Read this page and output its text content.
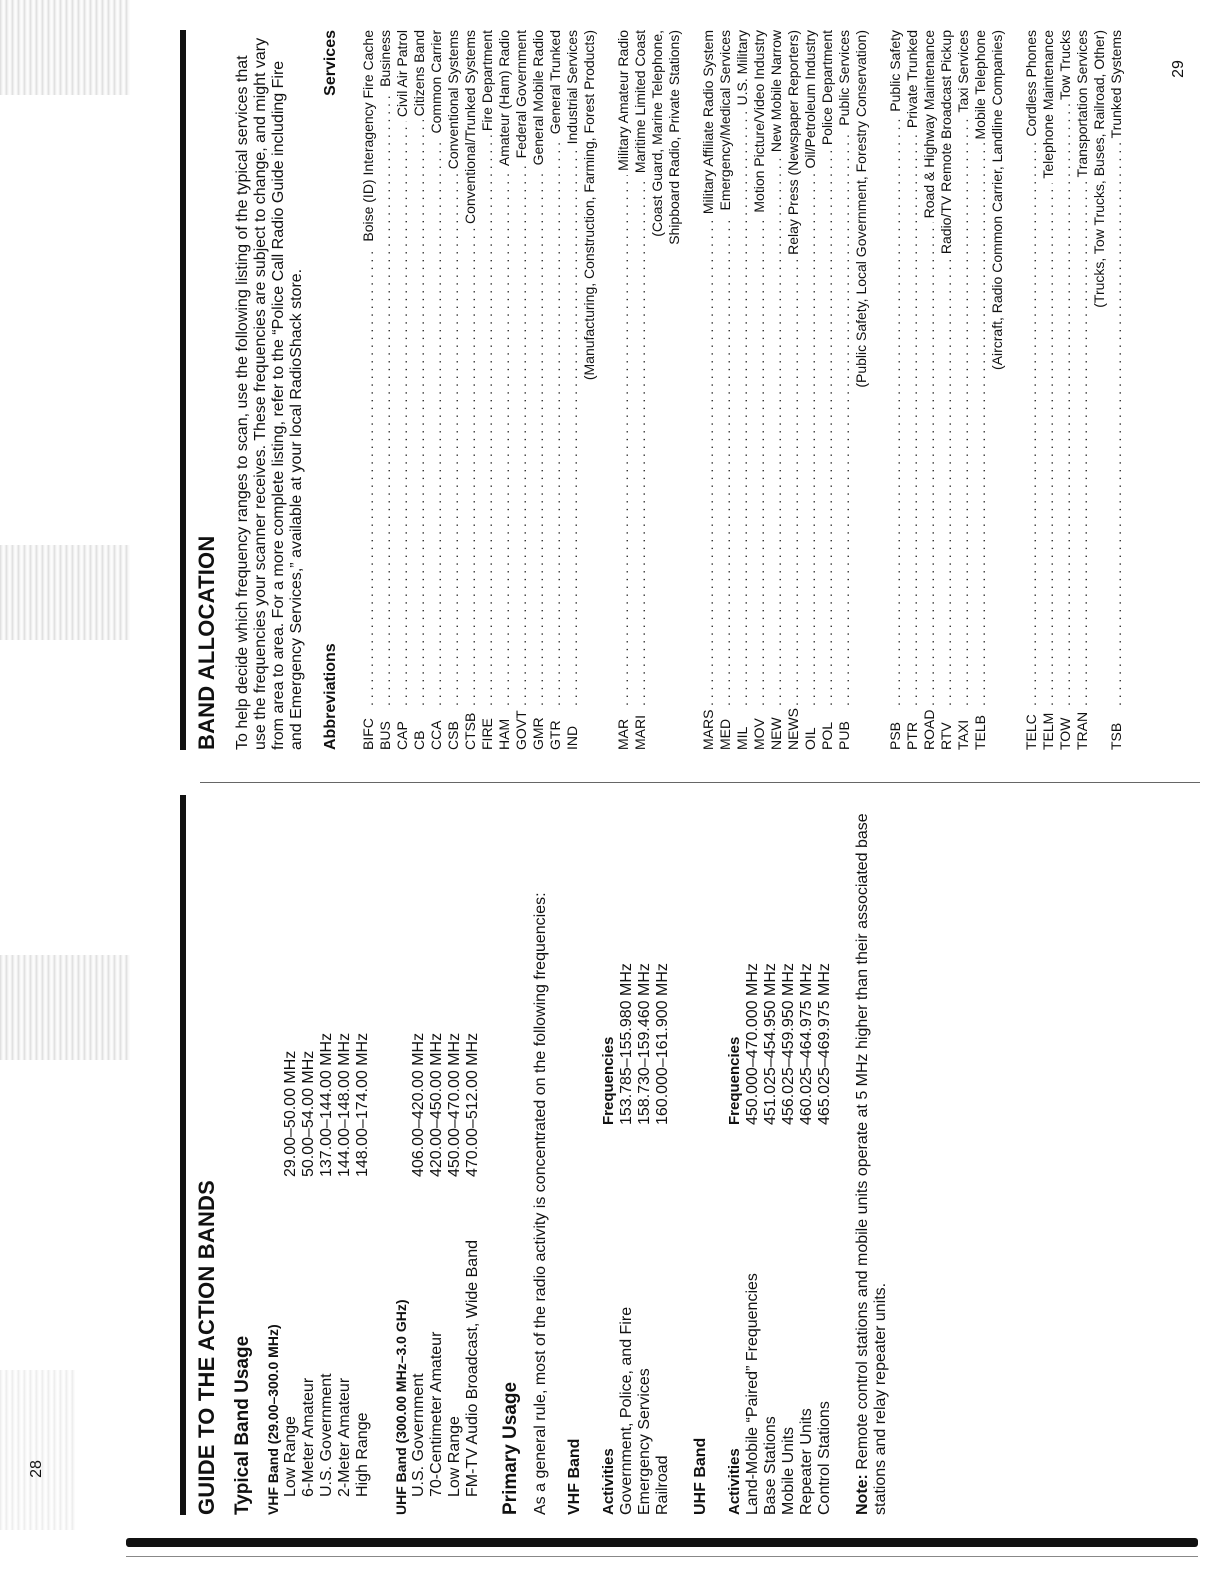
GUIDE TO THE ACTION BANDS Typical Band Usage VHF Band (29.00–300.0 MHz) Low Range
29.00–50.00 MHz
6-Meter Amateur
50.00–54.00 MHz
U.S. Government
137.00–144.00 MHz
2-Meter Amateur
144.00–148.00 MHz
High Range
148.00–174.00 MHz
UHF Band (300.00 MHz–3.0 GHz) U.S. Government
406.00–420.00 MHz
70-Centimeter Amateur
420.00–450.00 MHz
Low Range
450.00–470.00 MHz
FM-TV Audio Broadcast, Wide Band
470.00–512.00 MHz
Primary Usage As a general rule, most of the radio activity is concentrated on the following frequencies: VHF Band Activities
Frequencies
Government, Police, and Fire
153.785–155.980 MHz
Emergency Services
158.730–159.460 MHz
Railroad
160.000–161.900 MHz
UHF Band Activities
Frequencies
Land-Mobile “Paired” Frequencies
450.000–470.000 MHz
Base Stations
451.025–454.950 MHz
Mobile Units
456.025–459.950 MHz
Repeater Units
460.025–464.975 MHz
Control Stations
465.025–469.975 MHz

Note: Remote control stations and mobile units operate at 5 MHz higher than their associated base stations and relay repeater units.

BAND ALLOCATION To help decide which frequency ranges to scan, use the following listing of the typical services that use the frequencies your scanner receives. These frequencies are subject to change, and might vary from area to area. For a more complete listing, refer to the “Police Call Radio Guide including Fire and Emergency Services,” available at your local RadioShack store. Abbreviations
Services
BIFC
. . .
Boise (ID) Interagency Fire Cache
BUS
. . .
Business
CAP
. . .
Civil Air Patrol
CB
. . .
Citizens Band
CCA
. . .
Common Carrier
CSB
. . .
Conventional Systems
CTSB
. . .
Conventional/Trunked Systems
FIRE
. . .
Fire Department
HAM
. . .
Amateur (Ham) Radio
GOVT
. . .
Federal Government
GMR
. . .
General Mobile Radio
GTR
. . .
General Trunked
IND
. . .
Industrial Services (Manufacturing, Construction, Farming, Forest Products)
MAR
. . .
Military Amateur Radio
MARI
. . .
Maritime Limited Coast (Coast Guard, Marine Telephone, Shipboard Radio, Private Stations)
MARS
. . .
Military Affiliate Radio System
MED
. . .
Emergency/Medical Services
MIL
. . .
U.S. Military
MOV
. . .
Motion Picture/Video Industry
NEW
. . .
New Mobile Narrow
NEWS
. . .
Relay Press (Newspaper Reporters)
OIL
. . .
Oil/Petroleum Industry
POL
. . .
Police Department
PUB
. . .
Public Services (Public Safety, Local Government, Forestry Conservation)
PSB
. . .
Public Safety
PTR
. . .
Private Trunked
ROAD
. . .
Road & Highway Maintenance
RTV
. . .
Radio/TV Remote Broadcast Pickup
TAXI
. . .
Taxi Services
TELB
. . .
Mobile Telephone (Aircraft, Radio Common Carrier, Landline Companies)
TELC
. . .
Cordless Phones
TELM
. . .
Telephone Maintenance
TOW
. . .
Tow Trucks
TRAN
. . .
Transportation Services (Trucks, Tow Trucks, Buses, Railroad, Other)
TSB
. . .
Trunked Systems
28
29
